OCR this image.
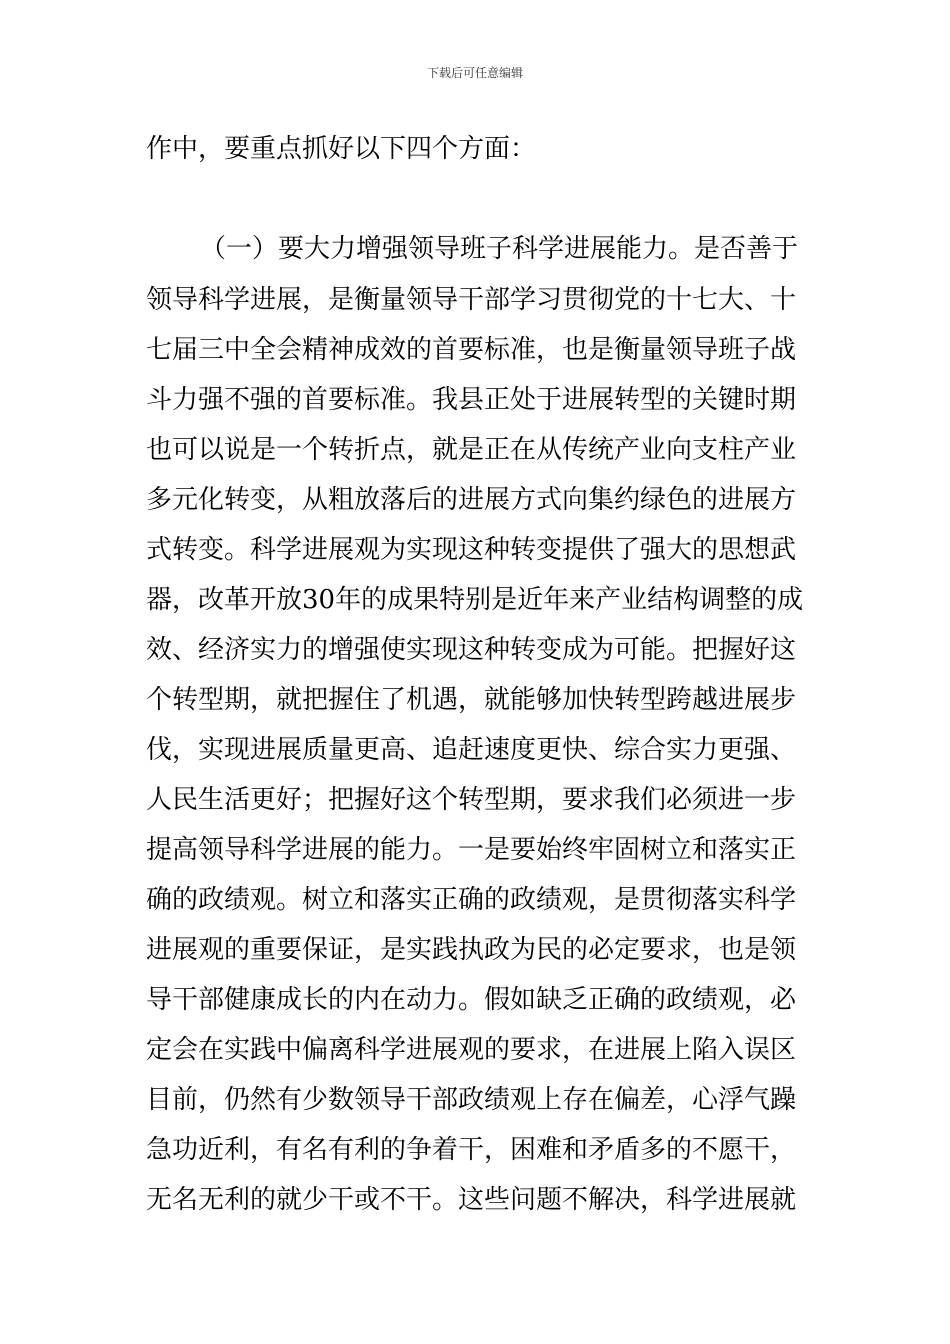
下载后可任意编辑
作中，要重点抓好以下四个方面：
（一）要大力增强领导班子科学进展能力。是否善于
领导科学进展，是衡量领导干部学习贯彻党的十七大、十
七届三中全会精神成效的首要标准，也是衡量领导班子战
斗力强不强的首要标准。我县正处于进展转型的关键时期
也可以说是一个转折点，就是正在从传统产业向支柱产业
多元化转变，从粗放落后的进展方式向集约绿色的进展方
式转变。科学进展观为实现这种转变提供了强大的思想武
器，改革开放30年的成果特别是近年来产业结构调整的成
效、经济实力的增强使实现这种转变成为可能。把握好这
个转型期，就把握住了机遇，就能够加快转型跨越进展步
伐，实现进展质量更高、追赶速度更快、综合实力更强、
人民生活更好；把握好这个转型期，要求我们必须进一步
提高领导科学进展的能力。一是要始终牢固树立和落实正
确的政绩观。树立和落实正确的政绩观，是贯彻落实科学
进展观的重要保证，是实践执政为民的必定要求，也是领
导干部健康成长的内在动力。假如缺乏正确的政绩观，必
定会在实践中偏离科学进展观的要求，在进展上陷入误区
目前，仍然有少数领导干部政绩观上存在偏差，心浮气躁
急功近利，有名有利的争着干，困难和矛盾多的不愿干，
无名无利的就少干或不干。这些问题不解决，科学进展就
